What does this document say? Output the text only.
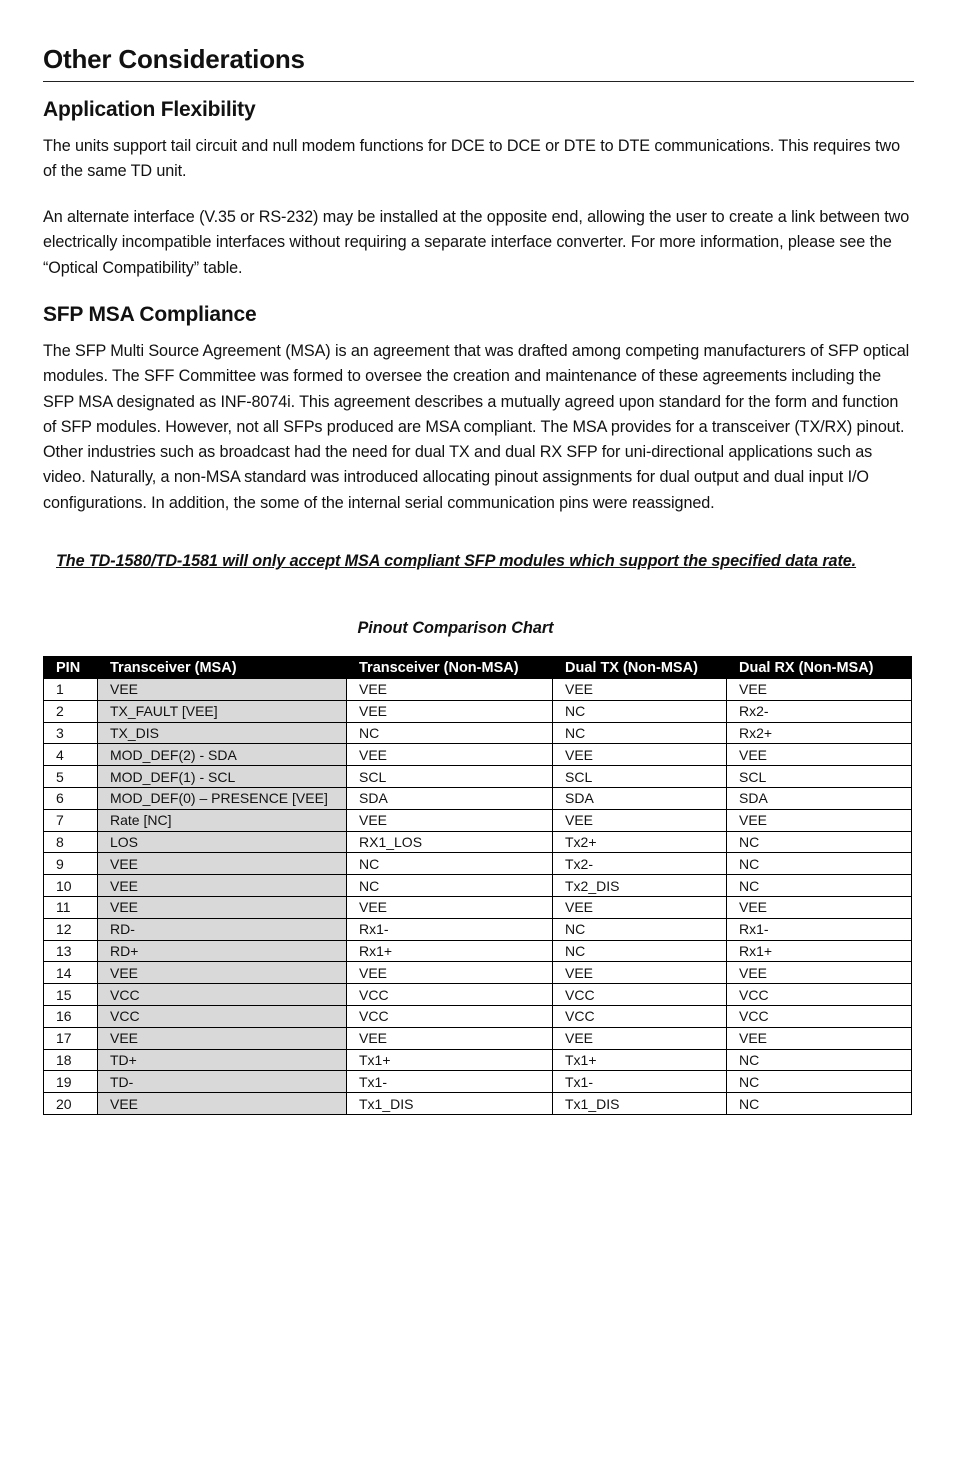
Other Considerations
Application Flexibility

The units support tail circuit and null modem functions for DCE to DCE or DTE to DTE communications. This requires two of the same TD unit.

An alternate interface (V.35 or RS-232) may be installed at the opposite end, allowing the user to create a link between two electrically incompatible interfaces without requiring a separate interface converter. For more information, please see the “Optical Compatibility” table.

SFP MSA Compliance

The SFP Multi Source Agreement (MSA) is an agreement that was drafted among competing manufacturers of SFP optical modules. The SFF Committee was formed to oversee the creation and maintenance of these agreements including the SFP MSA designated as INF-8074i. This agreement describes a mutually agreed upon standard for the form and function of SFP modules. However, not all SFPs produced are MSA compliant. The MSA provides for a transceiver (TX/RX) pinout. Other industries such as broadcast had the need for dual TX and dual RX SFP for uni-directional applications such as video. Naturally, a non-MSA standard was introduced allocating pinout assignments for dual output and dual input I/O configurations. In addition, the some of the internal serial communication pins were reassigned.

The TD-1580/TD-1581 will only accept MSA compliant SFP modules which support the specified data rate.

Pinout Comparison Chart

PIN	Transceiver (MSA)	Transceiver (Non-MSA)	Dual TX (Non-MSA)	Dual RX (Non-MSA)
1	VEE	VEE	VEE	VEE
2	TX_FAULT [VEE]	VEE	NC	Rx2-
3	TX_DIS	NC	NC	Rx2+
4	MOD_DEF(2) - SDA	VEE	VEE	VEE
5	MOD_DEF(1) - SCL	SCL	SCL	SCL
6	MOD_DEF(0) – PRESENCE [VEE]	SDA	SDA	SDA
7	Rate [NC]	VEE	VEE	VEE
8	LOS	RX1_LOS	Tx2+	NC
9	VEE	NC	Tx2-	NC
10	VEE	NC	Tx2_DIS	NC
11	VEE	VEE	VEE	VEE
12	RD-	Rx1-	NC	Rx1-
13	RD+	Rx1+	NC	Rx1+
14	VEE	VEE	VEE	VEE
15	VCC	VCC	VCC	VCC
16	VCC	VCC	VCC	VCC
17	VEE	VEE	VEE	VEE
18	TD+	Tx1+	Tx1+	NC
19	TD-	Tx1-	Tx1-	NC
20	VEE	Tx1_DIS	Tx1_DIS	NC
